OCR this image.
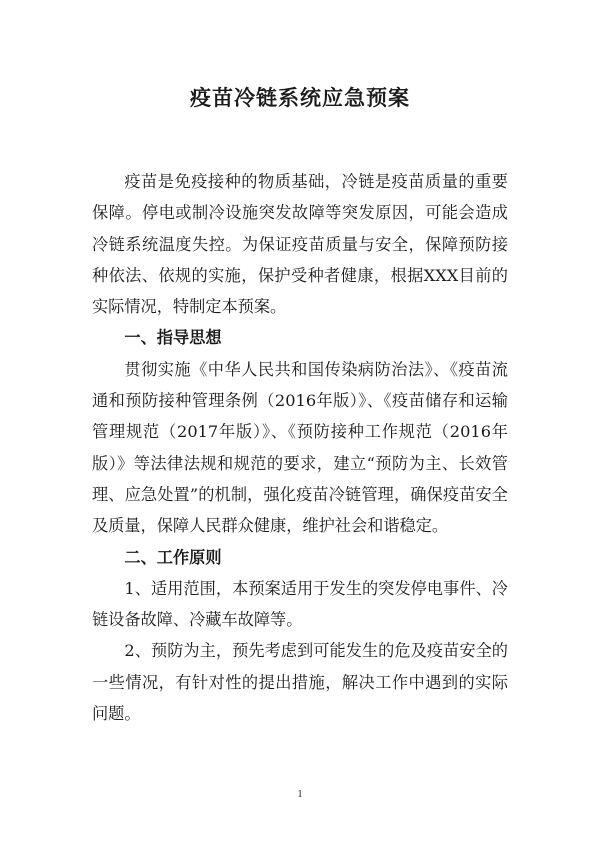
疫苗冷链系统应急预案

疫苗是免疫接种的物质基础，冷链是疫苗质量的重要保障。停电或制冷设施突发故障等突发原因，可能会造成冷链系统温度失控。为保证疫苗质量与安全，保障预防接种依法、依规的实施，保护受种者健康，根据XXX目前的实际情况，特制定本预案。

一、指导思想

贯彻实施《中华人民共和国传染病防治法》、《疫苗流通和预防接种管理条例（2016年版）》、《疫苗储存和运输管理规范（2017年版）》、《预防接种工作规范（2016年版）》等法律法规和规范的要求，建立“预防为主、长效管理、应急处置”的机制，强化疫苗冷链管理，确保疫苗安全及质量，保障人民群众健康，维护社会和谐稳定。

二、工作原则

1、适用范围，本预案适用于发生的突发停电事件、冷链设备故障、冷藏车故障等。

2、预防为主，预先考虑到可能发生的危及疫苗安全的一些情况，有针对性的提出措施，解决工作中遇到的实际问题。

1
